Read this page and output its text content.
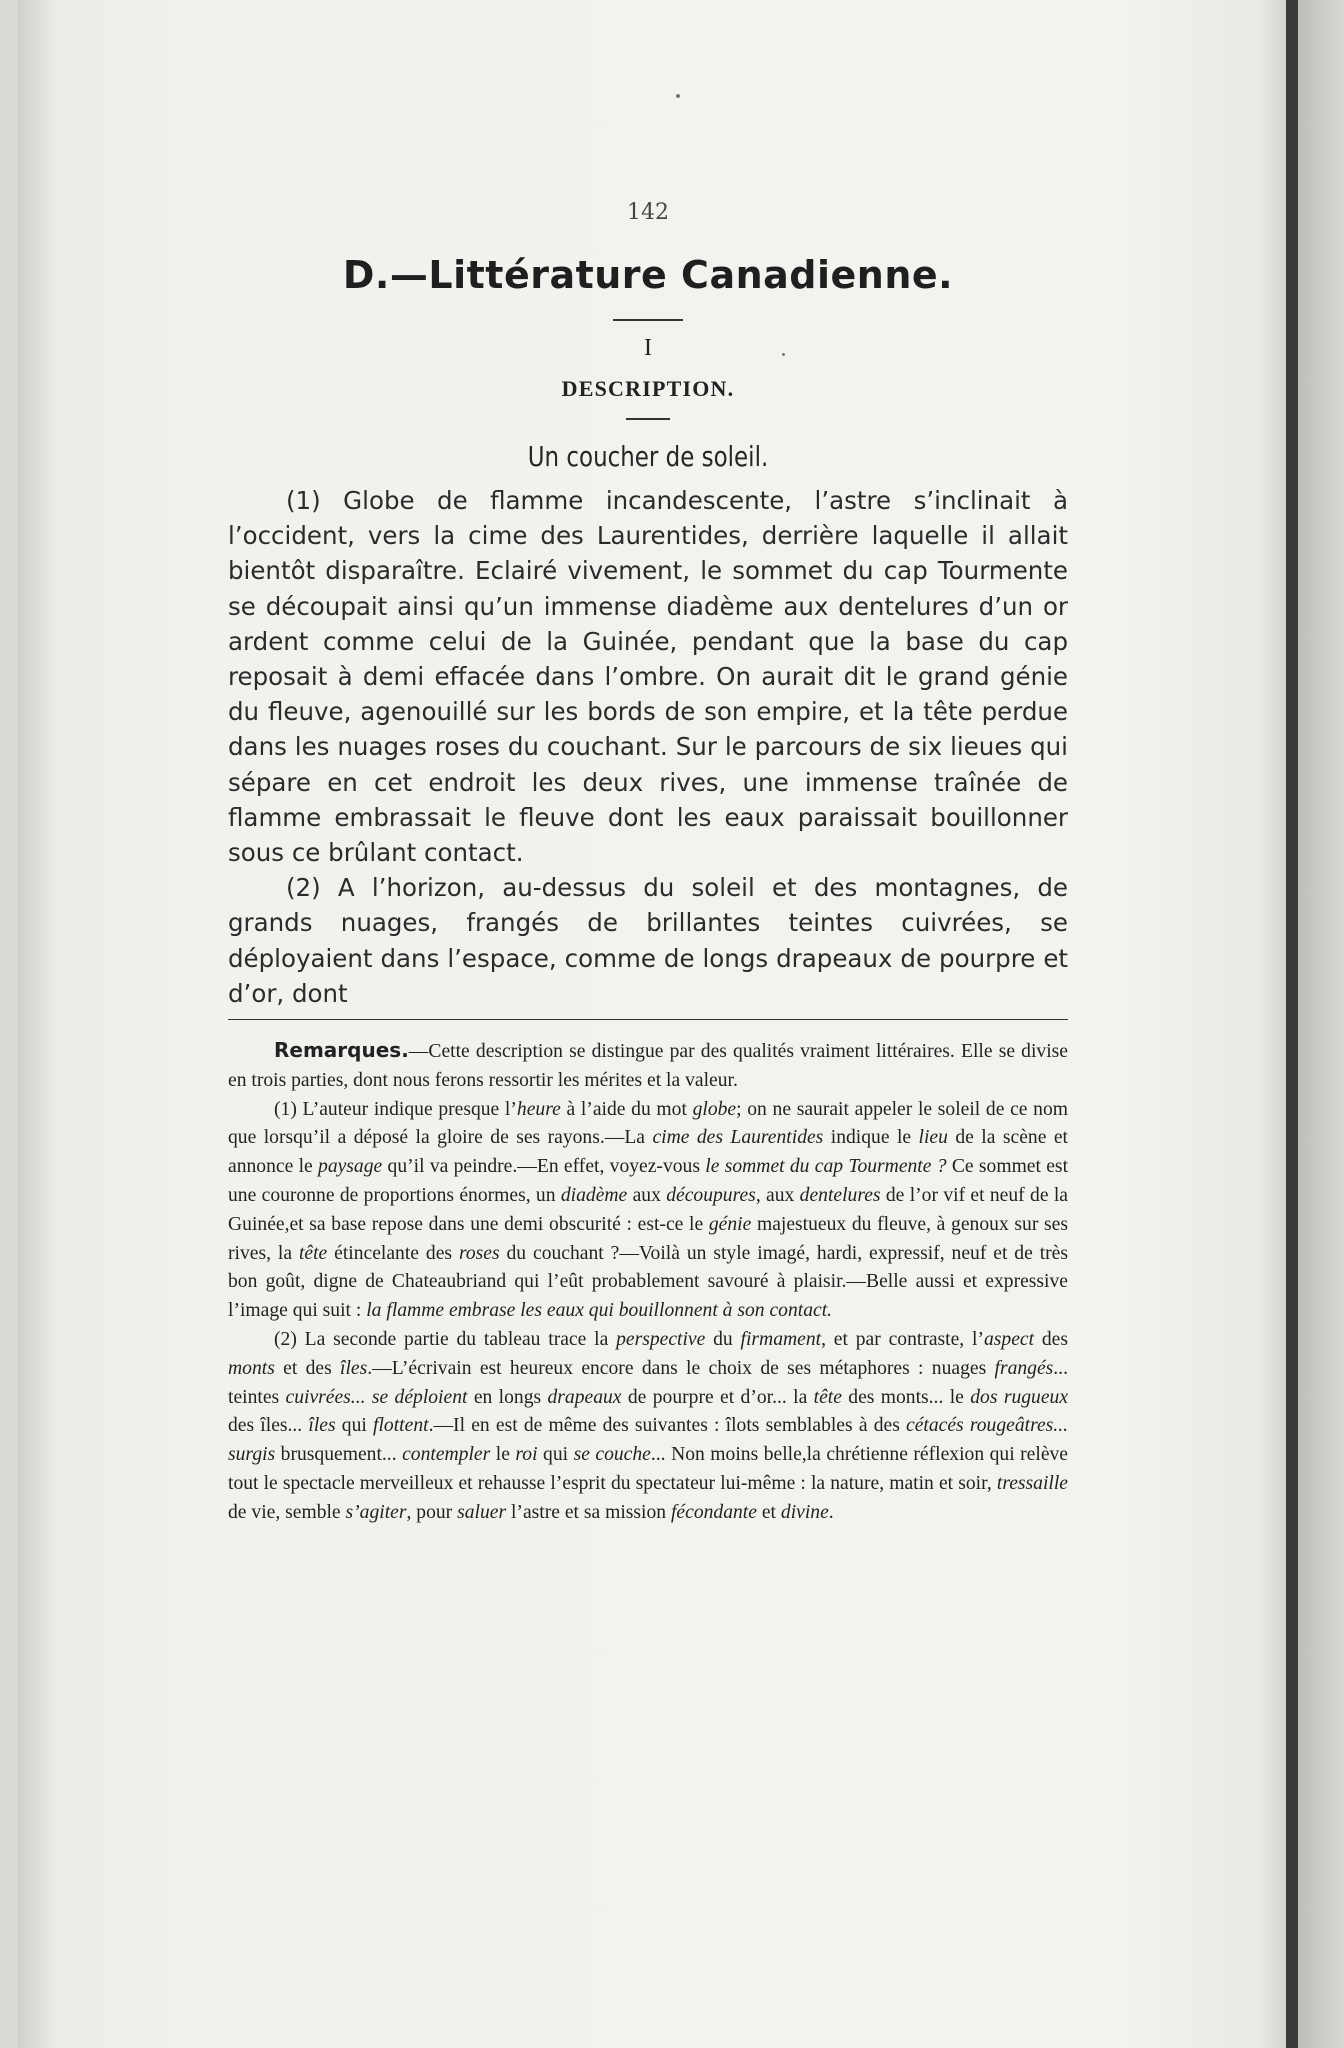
142
D.—Littérature Canadienne.
I
DESCRIPTION.
Un coucher de soleil.

(1) Globe de flamme incandescente, l’astre s’inclinait à l’occident, vers la cime des Laurentides, derrière laquelle il allait bientôt disparaître. Eclairé vivement, le sommet du cap Tourmente se découpait ainsi qu’un immense diadème aux dentelures d’un or ardent comme celui de la Guinée, pendant que la base du cap reposait à demi effacée dans l’ombre. On aurait dit le grand génie du fleuve, agenouillé sur les bords de son empire, et la tête perdue dans les nuages roses du couchant. Sur le parcours de six lieues qui sépare en cet endroit les deux rives, une immense traînée de flamme embrassait le fleuve dont les eaux paraissait bouillonner sous ce brûlant contact.

(2) A l’horizon, au-dessus du soleil et des montagnes, de grands nuages, frangés de brillantes teintes cuivrées, se déployaient dans l’espace, comme de longs drapeaux de pourpre et d’or, dont

Remarques.—Cette description se distingue par des qualités vraiment littéraires. Elle se divise en trois parties, dont nous ferons ressortir les mérites et la valeur.

(1) L’auteur indique presque l’heure à l’aide du mot globe; on ne saurait appeler le soleil de ce nom que lorsqu’il a déposé la gloire de ses rayons.—La cime des Laurentides indique le lieu de la scène et annonce le paysage qu’il va peindre.—En effet, voyez-vous le sommet du cap Tourmente ? Ce sommet est une couronne de proportions énormes, un diadème aux découpures, aux dentelures de l’or vif et neuf de la Guinée,et sa base repose dans une demi obscurité : est-ce le génie majestueux du fleuve, à genoux sur ses rives, la tête étincelante des roses du couchant ?—Voilà un style imagé, hardi, expressif, neuf et de très bon goût, digne de Chateaubriand qui l’eût probablement savouré à plaisir.—Belle aussi et expressive l’image qui suit : la flamme embrase les eaux qui bouillonnent à son contact.

(2) La seconde partie du tableau trace la perspective du firmament, et par contraste, l’aspect des monts et des îles.—L’écrivain est heureux encore dans le choix de ses métaphores : nuages frangés... teintes cuivrées... se déploient en longs drapeaux de pourpre et d’or... la tête des monts... le dos rugueux des îles... îles qui flottent.—Il en est de même des suivantes : îlots semblables à des cétacés rougeâtres... surgis brusquement... contempler le roi qui se couche... Non moins belle,la chrétienne réflexion qui relève tout le spectacle merveilleux et rehausse l’esprit du spectateur lui-même : la nature, matin et soir, tressaille de vie, semble s’agiter, pour saluer l’astre et sa mission fécondante et divine.
